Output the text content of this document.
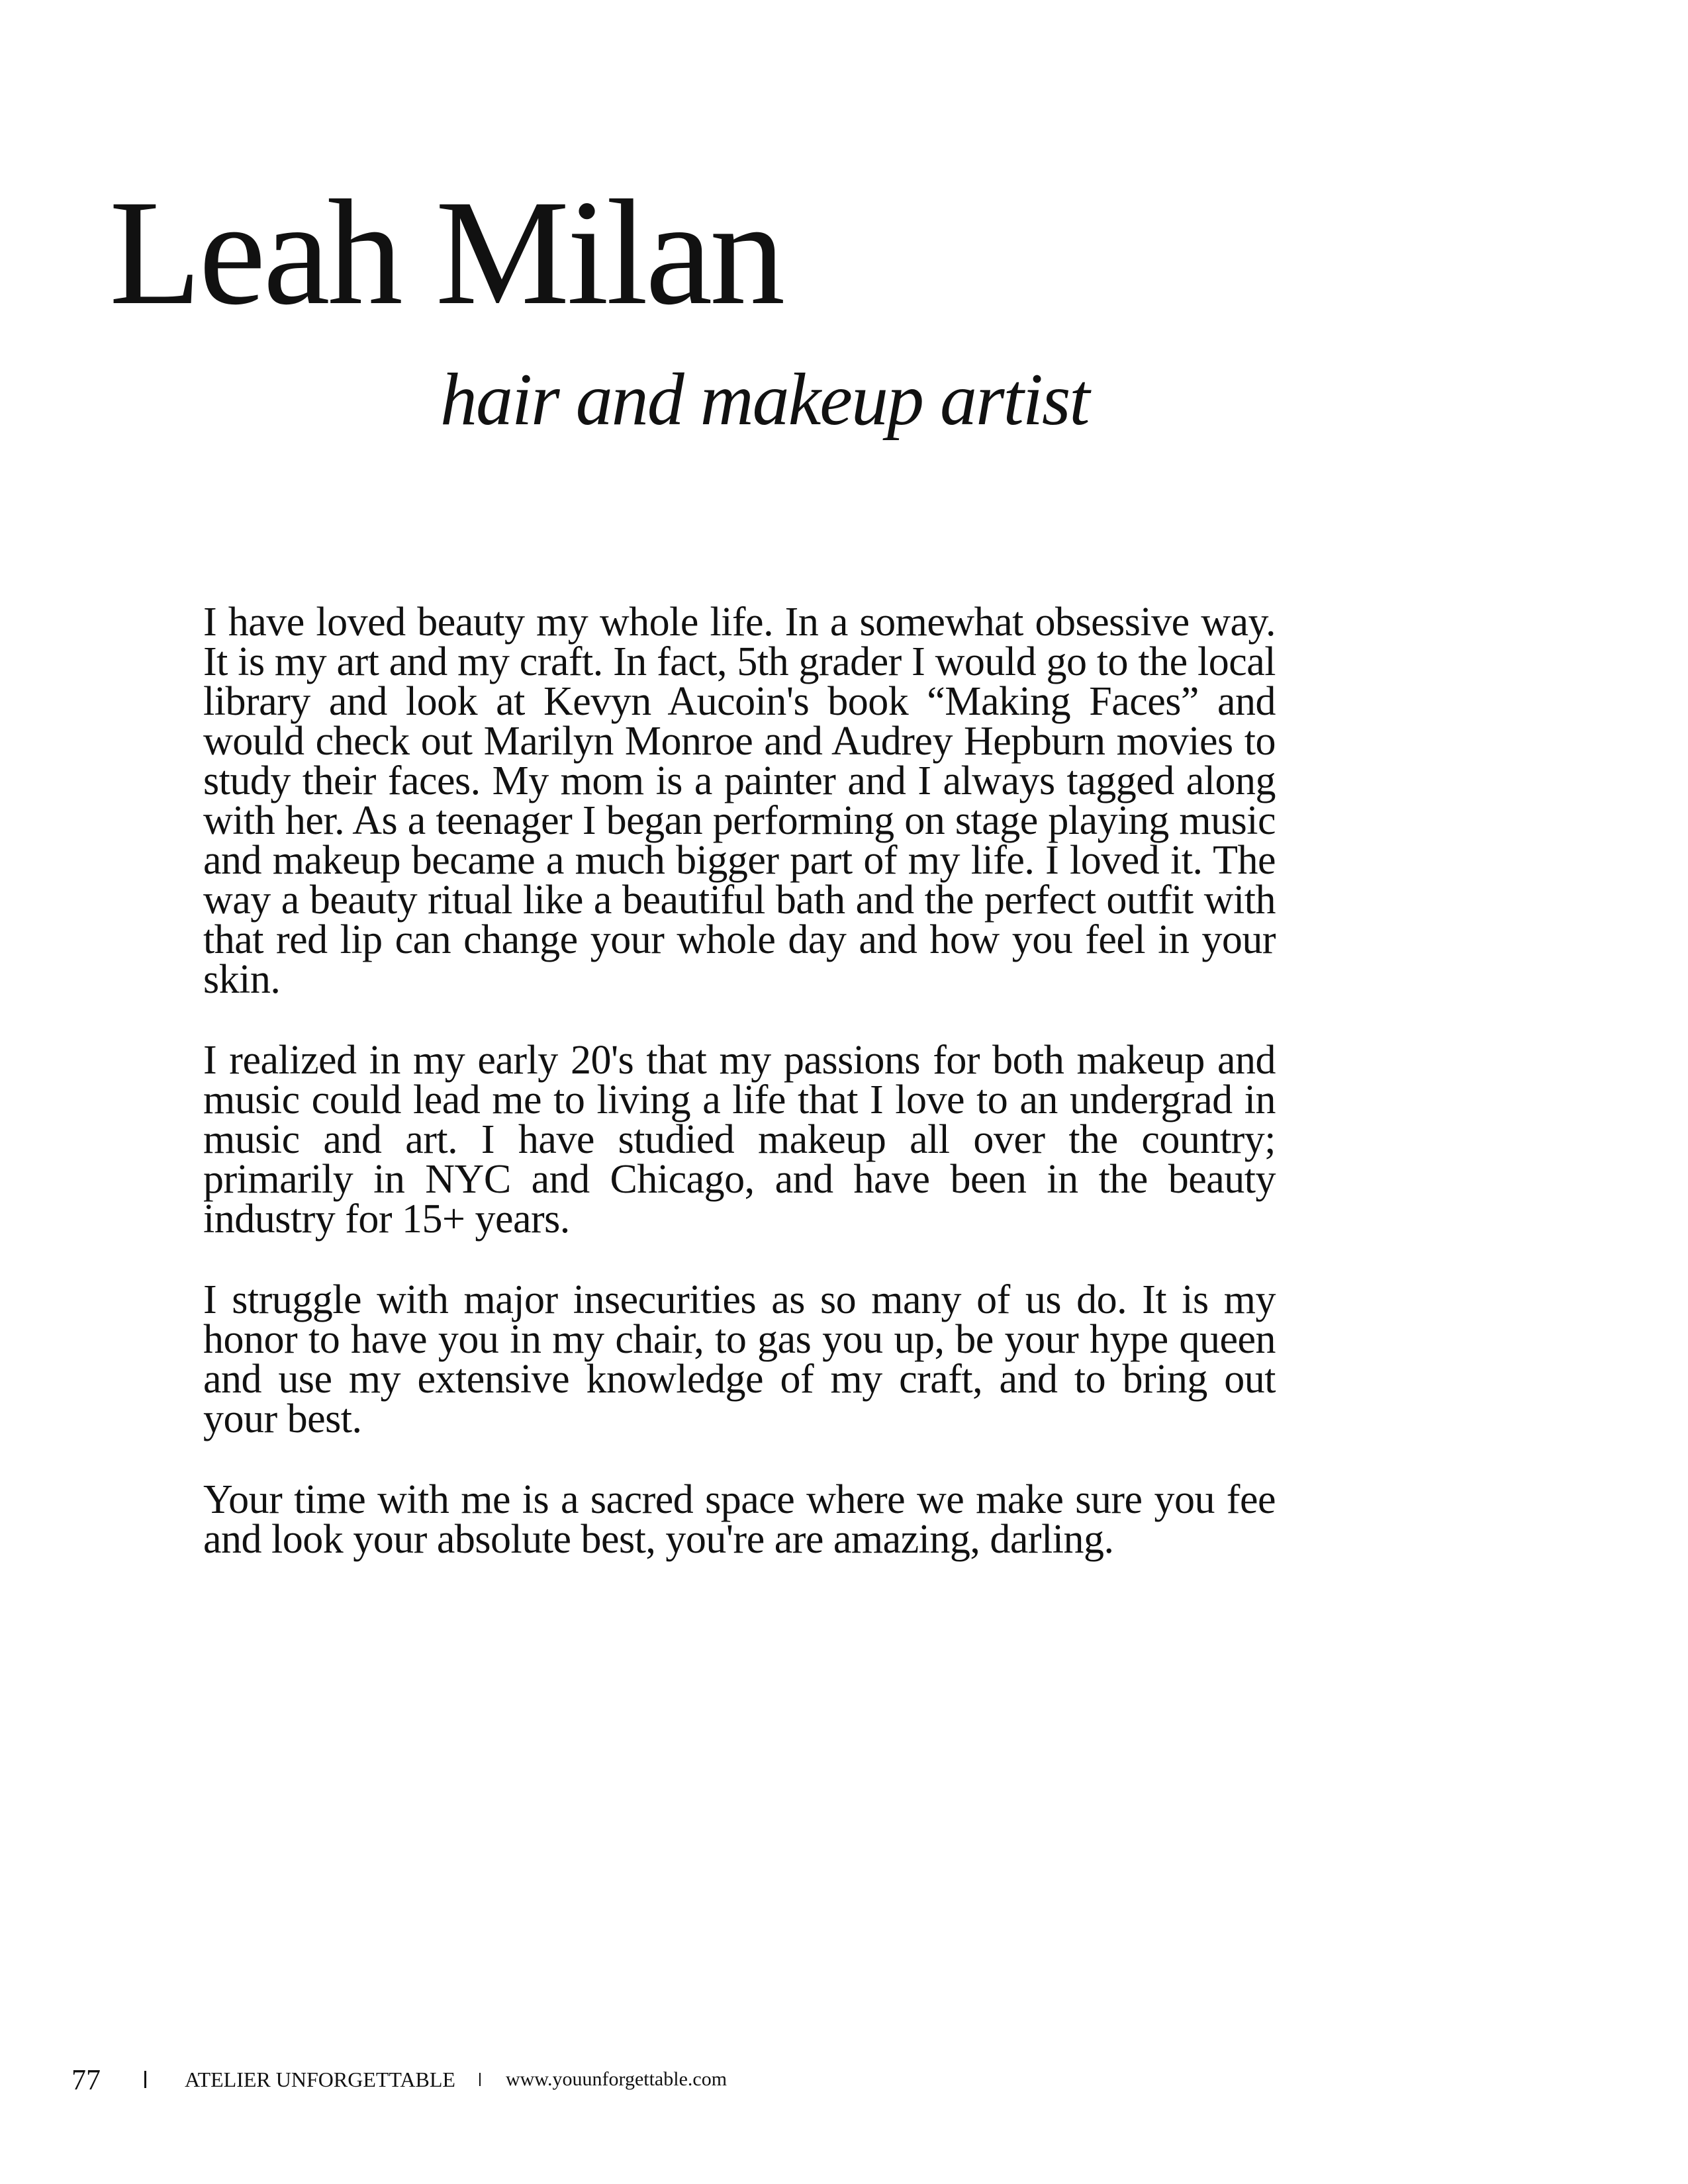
Leah Milan
hair and makeup artist

I have loved beauty my whole life. In a somewhat obsessive way. It is my art and my craft. In fact, 5th grader I would go to the local library and look at Kevyn Aucoin's book “Making Faces” and would check out Marilyn Monroe and Audrey Hepburn movies to study their faces. My mom is a painter and I always tagged along with her. As a teenager I began performing on stage playing music and makeup became a much bigger part of my life. I loved it. The way a beauty ritual like a beautiful bath and the perfect outfit with that red lip can change your whole day and how you feel in your skin.

I realized in my early 20's that my passions for both makeup and music could lead me to living a life that I love to an undergrad in music and art. I have studied makeup all over the country; primarily in NYC and Chicago, and have been in the beauty industry for 15+ years.

I struggle with major insecurities as so many of us do. It is my honor to have you in my chair, to gas you up, be your hype queen and use my extensive knowledge of my craft, and to bring out your best.

Your time with me is a sacred space where we make sure you fee and look your absolute best, you're are amazing, darling.

77	ATELIER UNFORGETTABLE	www.youunforgettable.com
